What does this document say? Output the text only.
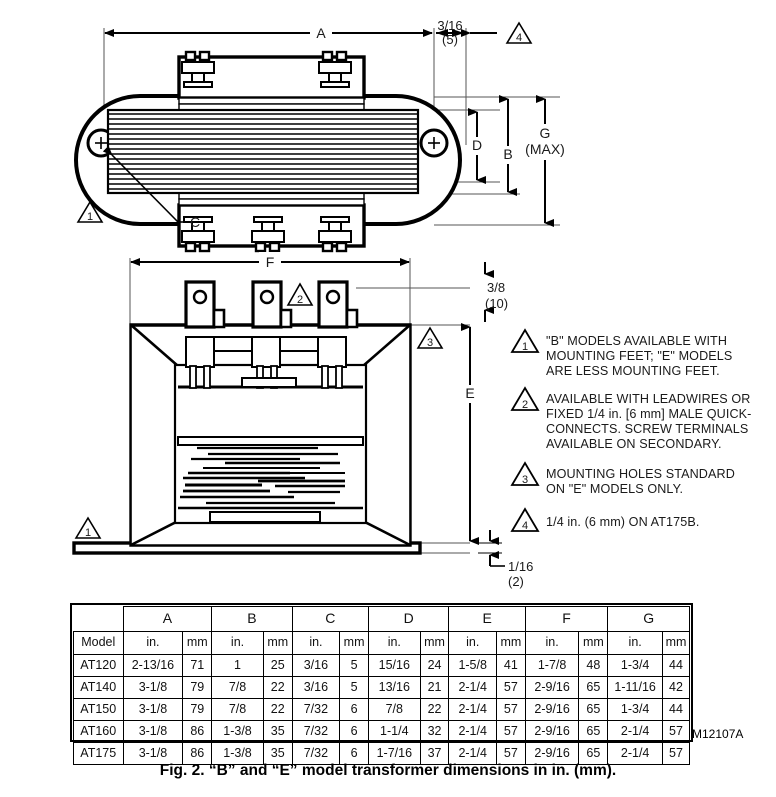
A	3/16
(5)	4
C
1
D
B
G
(MAX)
F
3/8
(10)
E
1/16
(2)
2
3
1
1 "B" MODELS AVAILABLE WITH
MOUNTING FEET; "E" MODELS
ARE LESS MOUNTING FEET.
2 AVAILABLE WITH LEADWIRES OR
FIXED 1/4 in. [6 mm] MALE QUICK-
CONNECTS. SCREW TERMINALS
AVAILABLE ON SECONDARY.
3 MOUNTING HOLES STANDARD
ON "E" MODELS ONLY.
4 1/4 in. (6 mm) ON AT175B.
	A		B		C		D		E		F		G	
Model	in.	mm	in.	mm	in.	mm	in.	mm	in.	mm	in.	mm	in.	mm
AT120	2-13/16	71	1	25	3/16	5	15/16	24	1-5/8	41	1-7/8	48	1-3/4	44
AT140	3-1/8	79	7/8	22	3/16	5	13/16	21	2-1/4	57	2-9/16	65	1-11/16	42
AT150	3-1/8	79	7/8	22	7/32	6	7/8	22	2-1/4	57	2-9/16	65	1-3/4	44
AT160	3-1/8	86	1-3/8	35	7/32	6	1-1/4	32	2-1/4	57	2-9/16	65	2-1/4	57
AT175	3-1/8	86	1-3/8	35	7/32	6	1-7/16	37	2-1/4	57	2-9/16	65	2-1/4	57
M12107A
Fig. 2. “B” and “E” model transformer dimensions in in. (mm).
